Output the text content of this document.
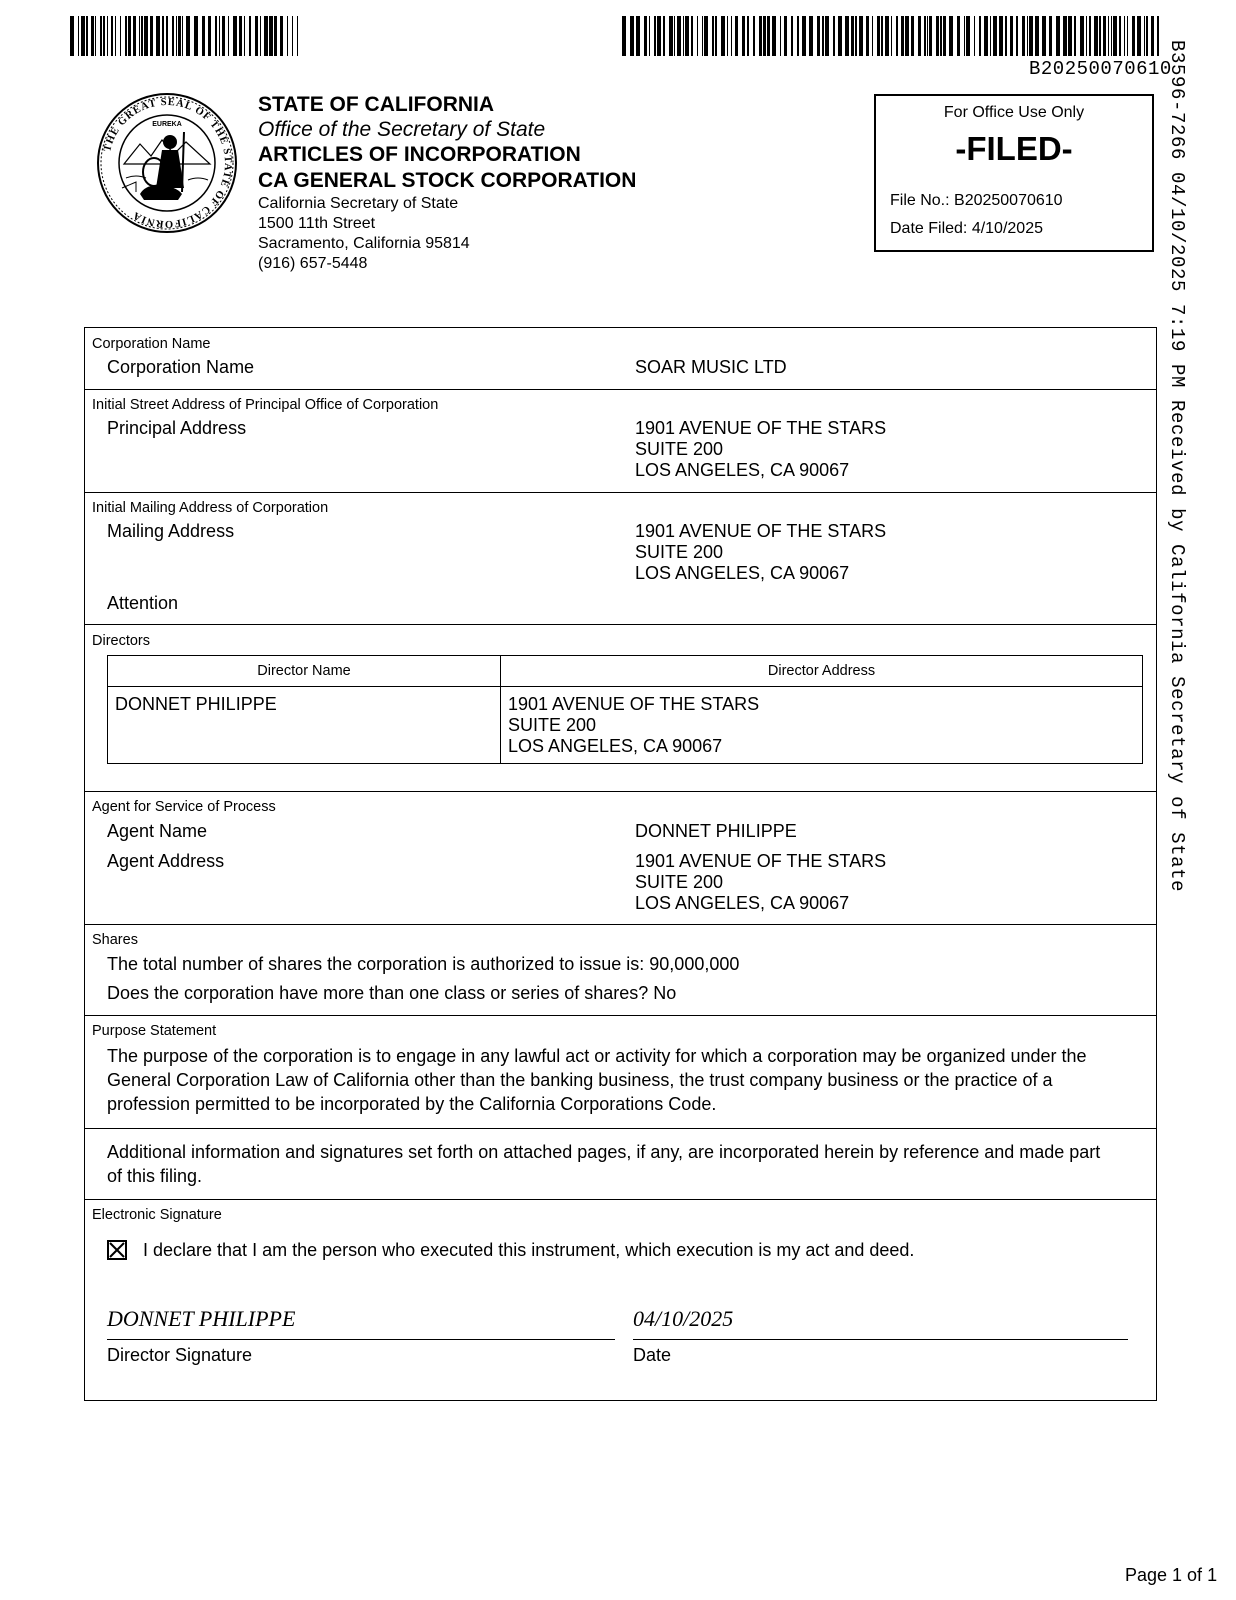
B20250070610
B3596-7266 04/10/2025 7:19 PM Received by California Secretary of State
THE GREAT SEAL OF THE STATE OF CALIFORNIA
EUREKA
STATE OF CALIFORNIA
Office of the Secretary of State
ARTICLES OF INCORPORATION
CA GENERAL STOCK CORPORATION
California Secretary of State
1500 11th Street
Sacramento, California 95814
(916) 657-5448
For Office Use Only
-FILED-
File No.: B20250070610
Date Filed: 4/10/2025
Corporation Name
Corporation Name	SOAR MUSIC LTD
Initial Street Address of Principal Office of Corporation
Principal Address	1901 AVENUE OF THE STARS
SUITE 200
LOS ANGELES, CA 90067
Initial Mailing Address of Corporation
Mailing Address	1901 AVENUE OF THE STARS
SUITE 200
LOS ANGELES, CA 90067
Attention
Directors
Director Name	Director Address
DONNET PHILIPPE	1901 AVENUE OF THE STARS
SUITE 200
LOS ANGELES, CA 90067
Agent for Service of Process
Agent Name	DONNET PHILIPPE
Agent Address	1901 AVENUE OF THE STARS
SUITE 200
LOS ANGELES, CA 90067
Shares
The total number of shares the corporation is authorized to issue is: 90,000,000
Does the corporation have more than one class or series of shares? No
Purpose Statement
The purpose of the corporation is to engage in any lawful act or activity for which a corporation may be organized under the General Corporation Law of California other than the banking business, the trust company business or the practice of a profession permitted to be incorporated by the California Corporations Code.
Additional information and signatures set forth on attached pages, if any, are incorporated herein by reference and made part of this filing.
Electronic Signature
I declare that I am the person who executed this instrument, which execution is my act and deed.
DONNET PHILIPPE
Director Signature
04/10/2025
Date
Page 1 of 1
